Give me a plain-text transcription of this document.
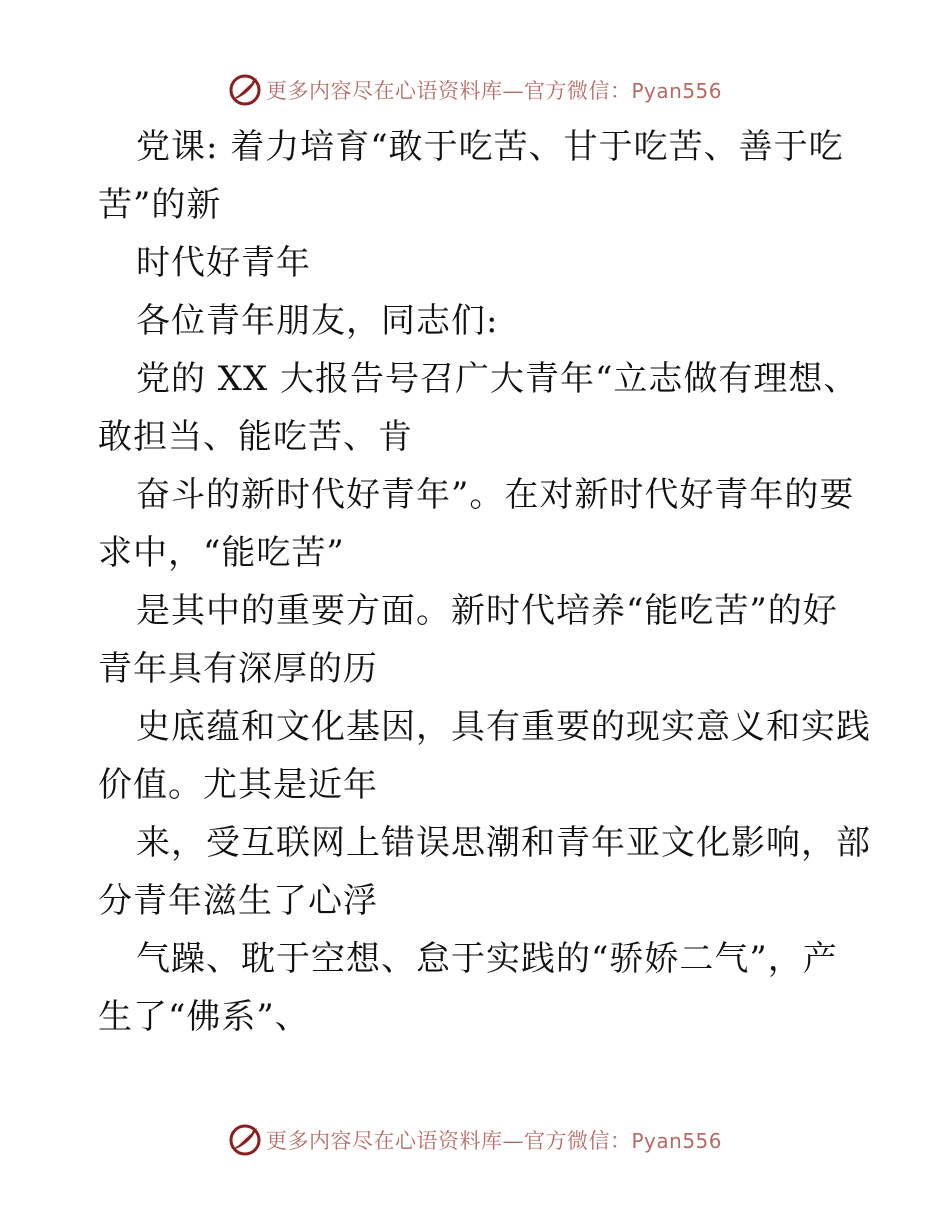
更多内容尽在心语资料库—官方微信：Pyan556
党课: 着力培育“敢于吃苦、甘于吃苦、善于吃
苦”的新
时代好青年
各位青年朋友，同志们:
党的 XX 大报告号召广大青年“立志做有理想、
敢担当、能吃苦、肯
奋斗的新时代好青年”。在对新时代好青年的要
求中，“能吃苦”
是其中的重要方面。新时代培养“能吃苦”的好
青年具有深厚的历
史底蕴和文化基因，具有重要的现实意义和实践
价值。尤其是近年
来，受互联网上错误思潮和青年亚文化影响，部
分青年滋生了心浮
气躁、耽于空想、怠于实践的“骄娇二气”，产
生了“佛系”、
更多内容尽在心语资料库—官方微信：Pyan556
